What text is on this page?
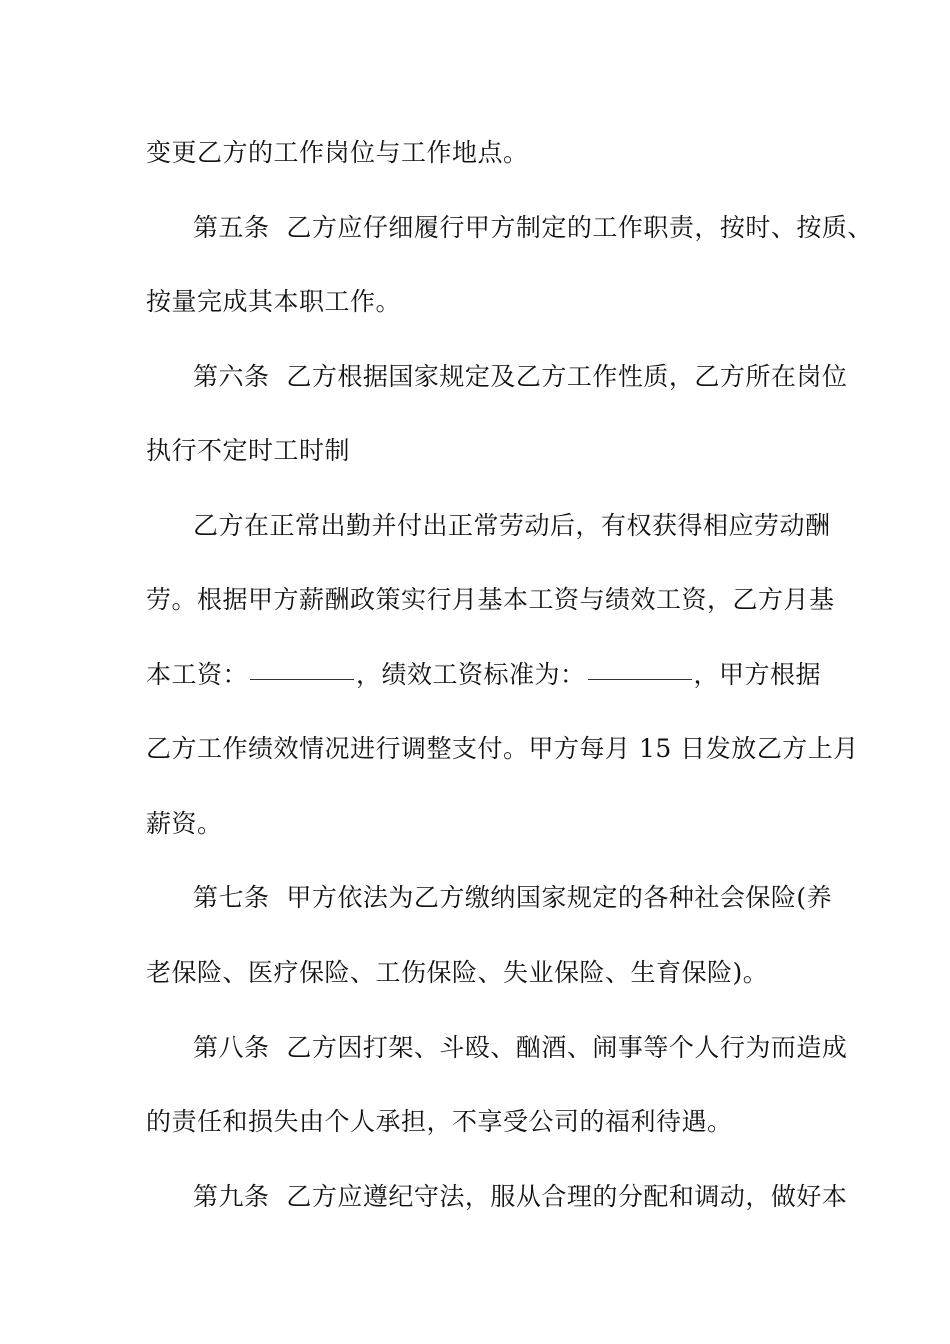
变更乙方的工作岗位与工作地点。
第五条  乙方应仔细履行甲方制定的工作职责，按时、按质、
按量完成其本职工作。
第六条  乙方根据国家规定及乙方工作性质，乙方所在岗位
执行不定时工时制
乙方在正常出勤并付出正常劳动后，有权获得相应劳动酬
劳。根据甲方薪酬政策实行月基本工资与绩效工资，乙方月基
本工资：	，绩效工资标准为：	，甲方根据
乙方工作绩效情况进行调整支付。甲方每月 15 日发放乙方上月
薪资。
第七条  甲方依法为乙方缴纳国家规定的各种社会保险(养
老保险、医疗保险、工伤保险、失业保险、生育保险)。
第八条  乙方因打架、斗殴、酗酒、闹事等个人行为而造成
的责任和损失由个人承担，不享受公司的福利待遇。
第九条  乙方应遵纪守法，服从合理的分配和调动，做好本
